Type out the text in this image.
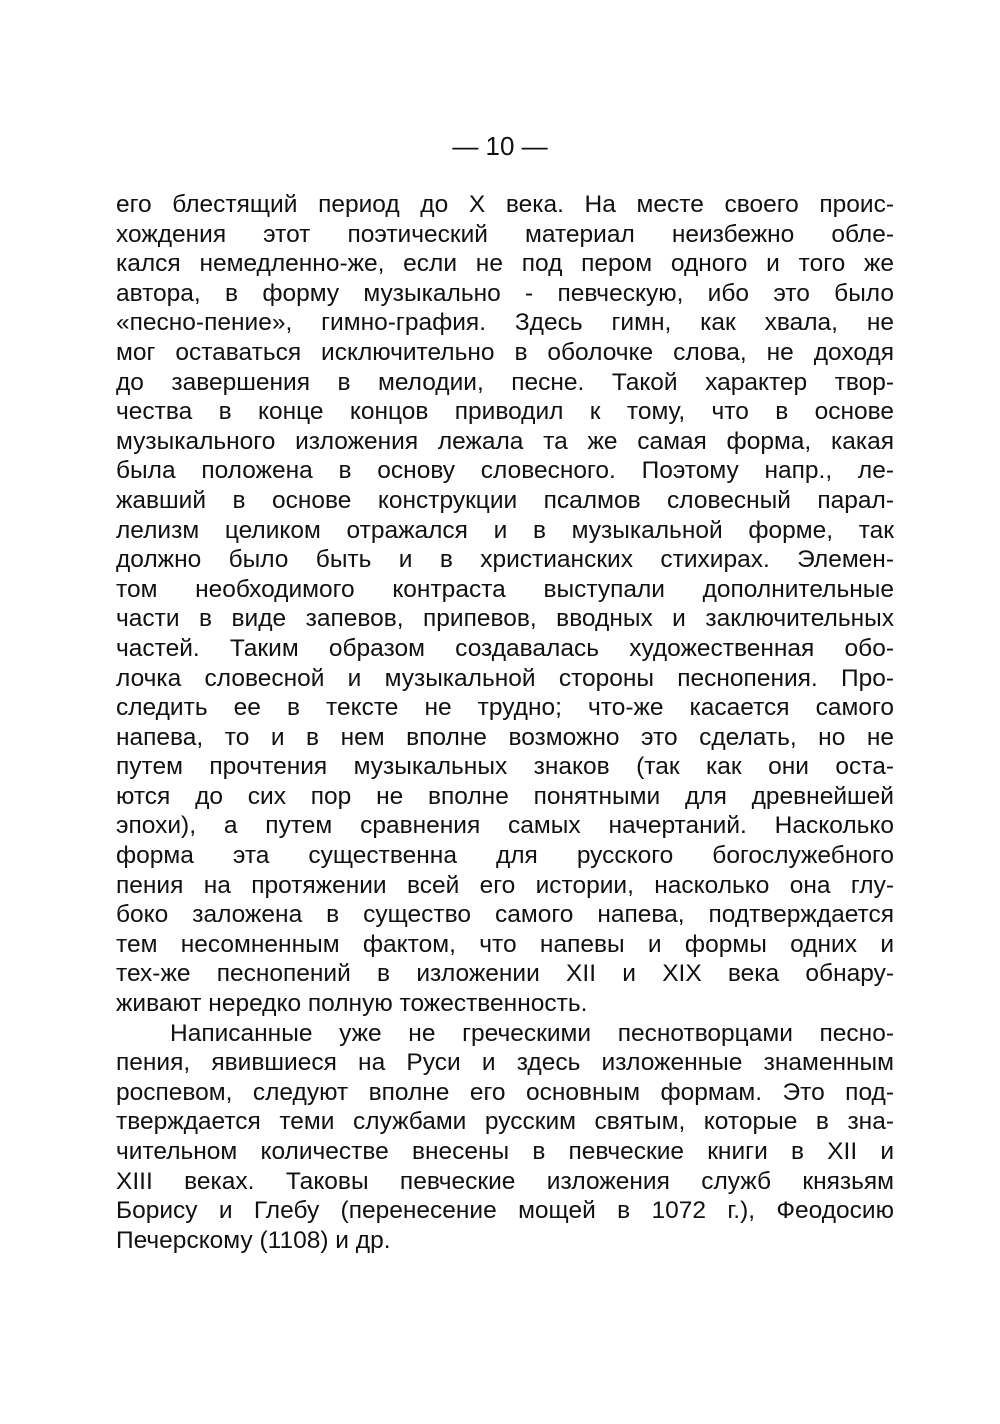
— 10 —
его блестящий период до X века. На месте своего проис-
хождения этот поэтический материал неизбежно обле-
кался немедленно-же, если не под пером одного и того же
автора, в форму музыкально - певческую, ибо это было
«песно-пение», гимно-графия. Здесь гимн, как хвала, не
мог оставаться исключительно в оболочке слова, не доходя
до завершения в мелодии, песне. Такой характер твор-
чества в конце концов приводил к тому, что в основе
музыкального изложения лежала та же самая форма, какая
была положена в основу словесного. Поэтому напр., ле-
жавший в основе конструкции псалмов словесный парал-
лелизм целиком отражался и в музыкальной форме, так
должно было быть и в христианских стихирах. Элемен-
том необходимого контраста выступали дополнительные
части в виде запевов, припевов, вводных и заключительных
частей. Таким образом создавалась художественная обо-
лочка словесной и музыкальной стороны песнопения. Про-
следить ее в тексте не трудно; что-же касается самого
напева, то и в нем вполне возможно это сделать, но не
путем прочтения музыкальных знаков (так как они оста-
ются до сих пор не вполне понятными для древнейшей
эпохи), а путем сравнения самых начертаний. Насколько
форма эта существенна для русского богослужебного
пения на протяжении всей его истории, насколько она глу-
боко заложена в существо самого напева, подтверждается
тем несомненным фактом, что напевы и формы одних и
тех-же песнопений в изложении XII и XIX века обнару-
живают нередко полную тожественность.
Написанные уже не греческими песнотворцами песно-
пения, явившиеся на Руси и здесь изложенные знаменным
роспевом, следуют вполне его основным формам. Это под-
тверждается теми службами русским святым, которые в зна-
чительном количестве внесены в певческие книги в XII и
XIII веках. Таковы певческие изложения служб князьям
Борису и Глебу (перенесение мощей в 1072 г.), Феодосию
Печерскому (1108) и др.
